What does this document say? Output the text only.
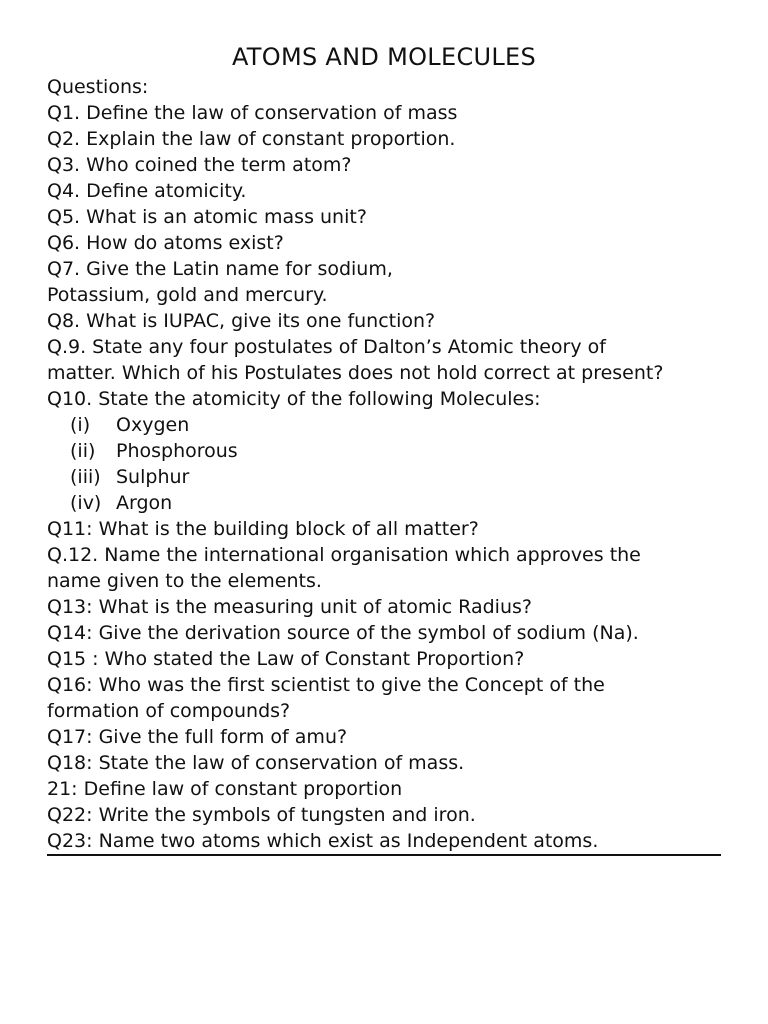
ATOMS AND MOLECULES
Questions:
Q1. Define the law of conservation of mass
Q2. Explain the law of constant proportion.
Q3. Who coined the term atom?
Q4. Define atomicity.
Q5. What is an atomic mass unit?
Q6. How do atoms exist?
Q7. Give the Latin name for sodium,
Potassium, gold and mercury.
Q8. What is IUPAC, give its one function?
Q.9. State any four postulates of Dalton’s Atomic theory of
matter. Which of his Postulates does not hold correct at present?
Q10. State the atomicity of the following Molecules:
(i)	Oxygen
(ii)	Phosphorous
(iii) Sulphur
(iv) Argon
Q11: What is the building block of all matter?
Q.12. Name the international organisation which approves the
name given to the elements.
Q13: What is the measuring unit of atomic Radius?
Q14: Give the derivation source of the symbol of sodium (Na).
Q15 : Who stated the Law of Constant Proportion?
Q16: Who was the first scientist to give the Concept of the
formation of compounds?
Q17: Give the full form of amu?
Q18: State the law of conservation of mass.
21: Define law of constant proportion
Q22: Write the symbols of tungsten and iron.
Q23: Name two atoms which exist as Independent atoms.
